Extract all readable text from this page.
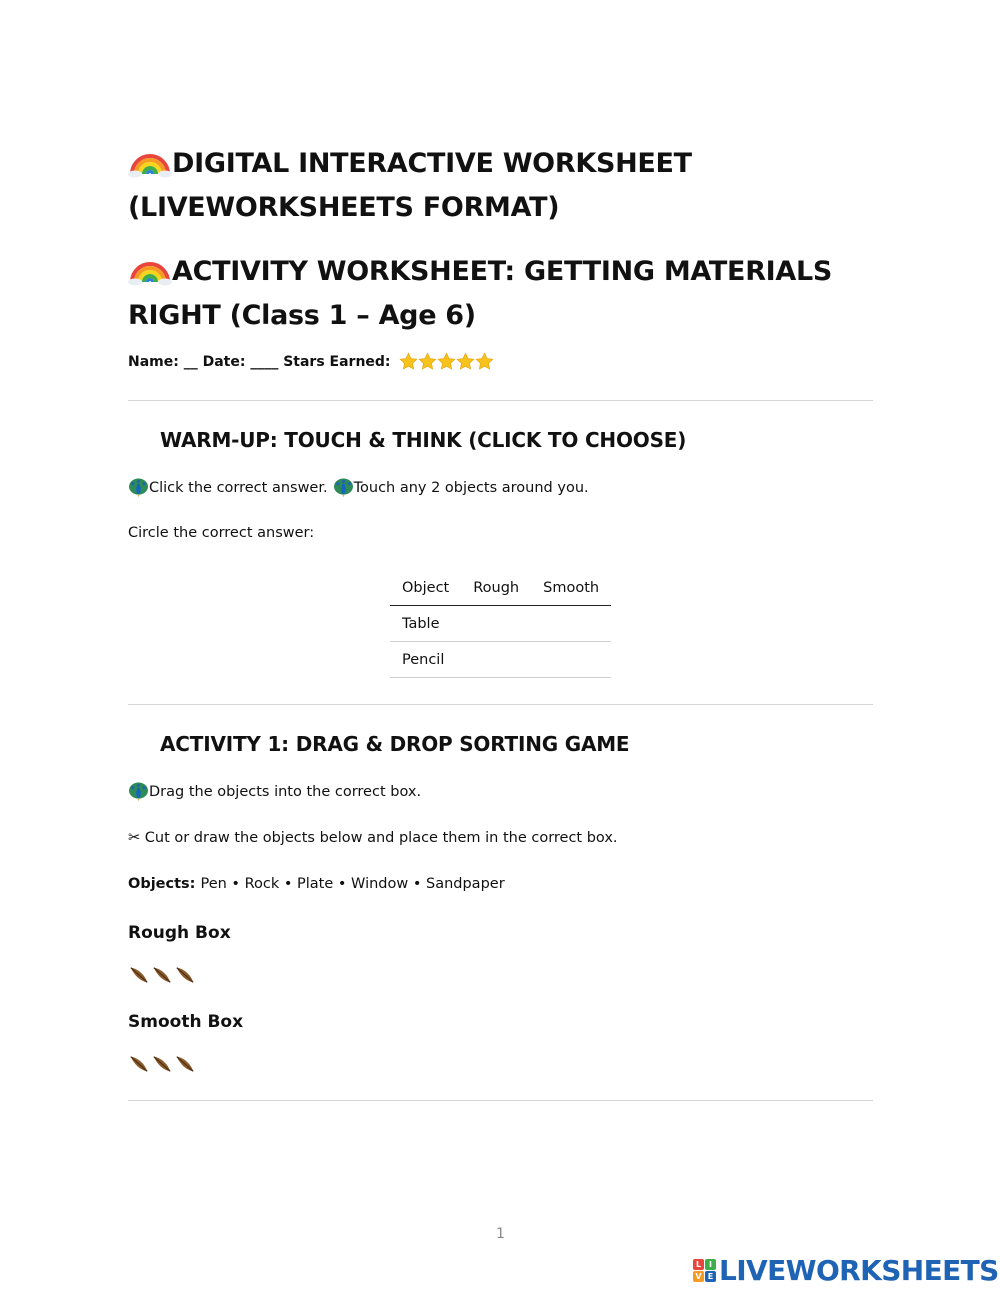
DIGITAL INTERACTIVE WORKSHEET (LIVEWORKSHEETS FORMAT)
ACTIVITY WORKSHEET: GETTING MATERIALS RIGHT (Class 1 – Age 6)
Name: __ Date: ____ Stars Earned:
WARM-UP: TOUCH & THINK (CLICK TO CHOOSE)
Click the correct answer. Touch any 2 objects around you.
Circle the correct answer:
Object	Rough	Smooth
Table		
Pencil		
ACTIVITY 1: DRAG & DROP SORTING GAME
Drag the objects into the correct box.
✂ Cut or draw the objects below and place them in the correct box.
Objects: Pen • Rock • Plate • Window • Sandpaper
Rough Box
Smooth Box
1
L I
V E LIVEWORKSHEETS
